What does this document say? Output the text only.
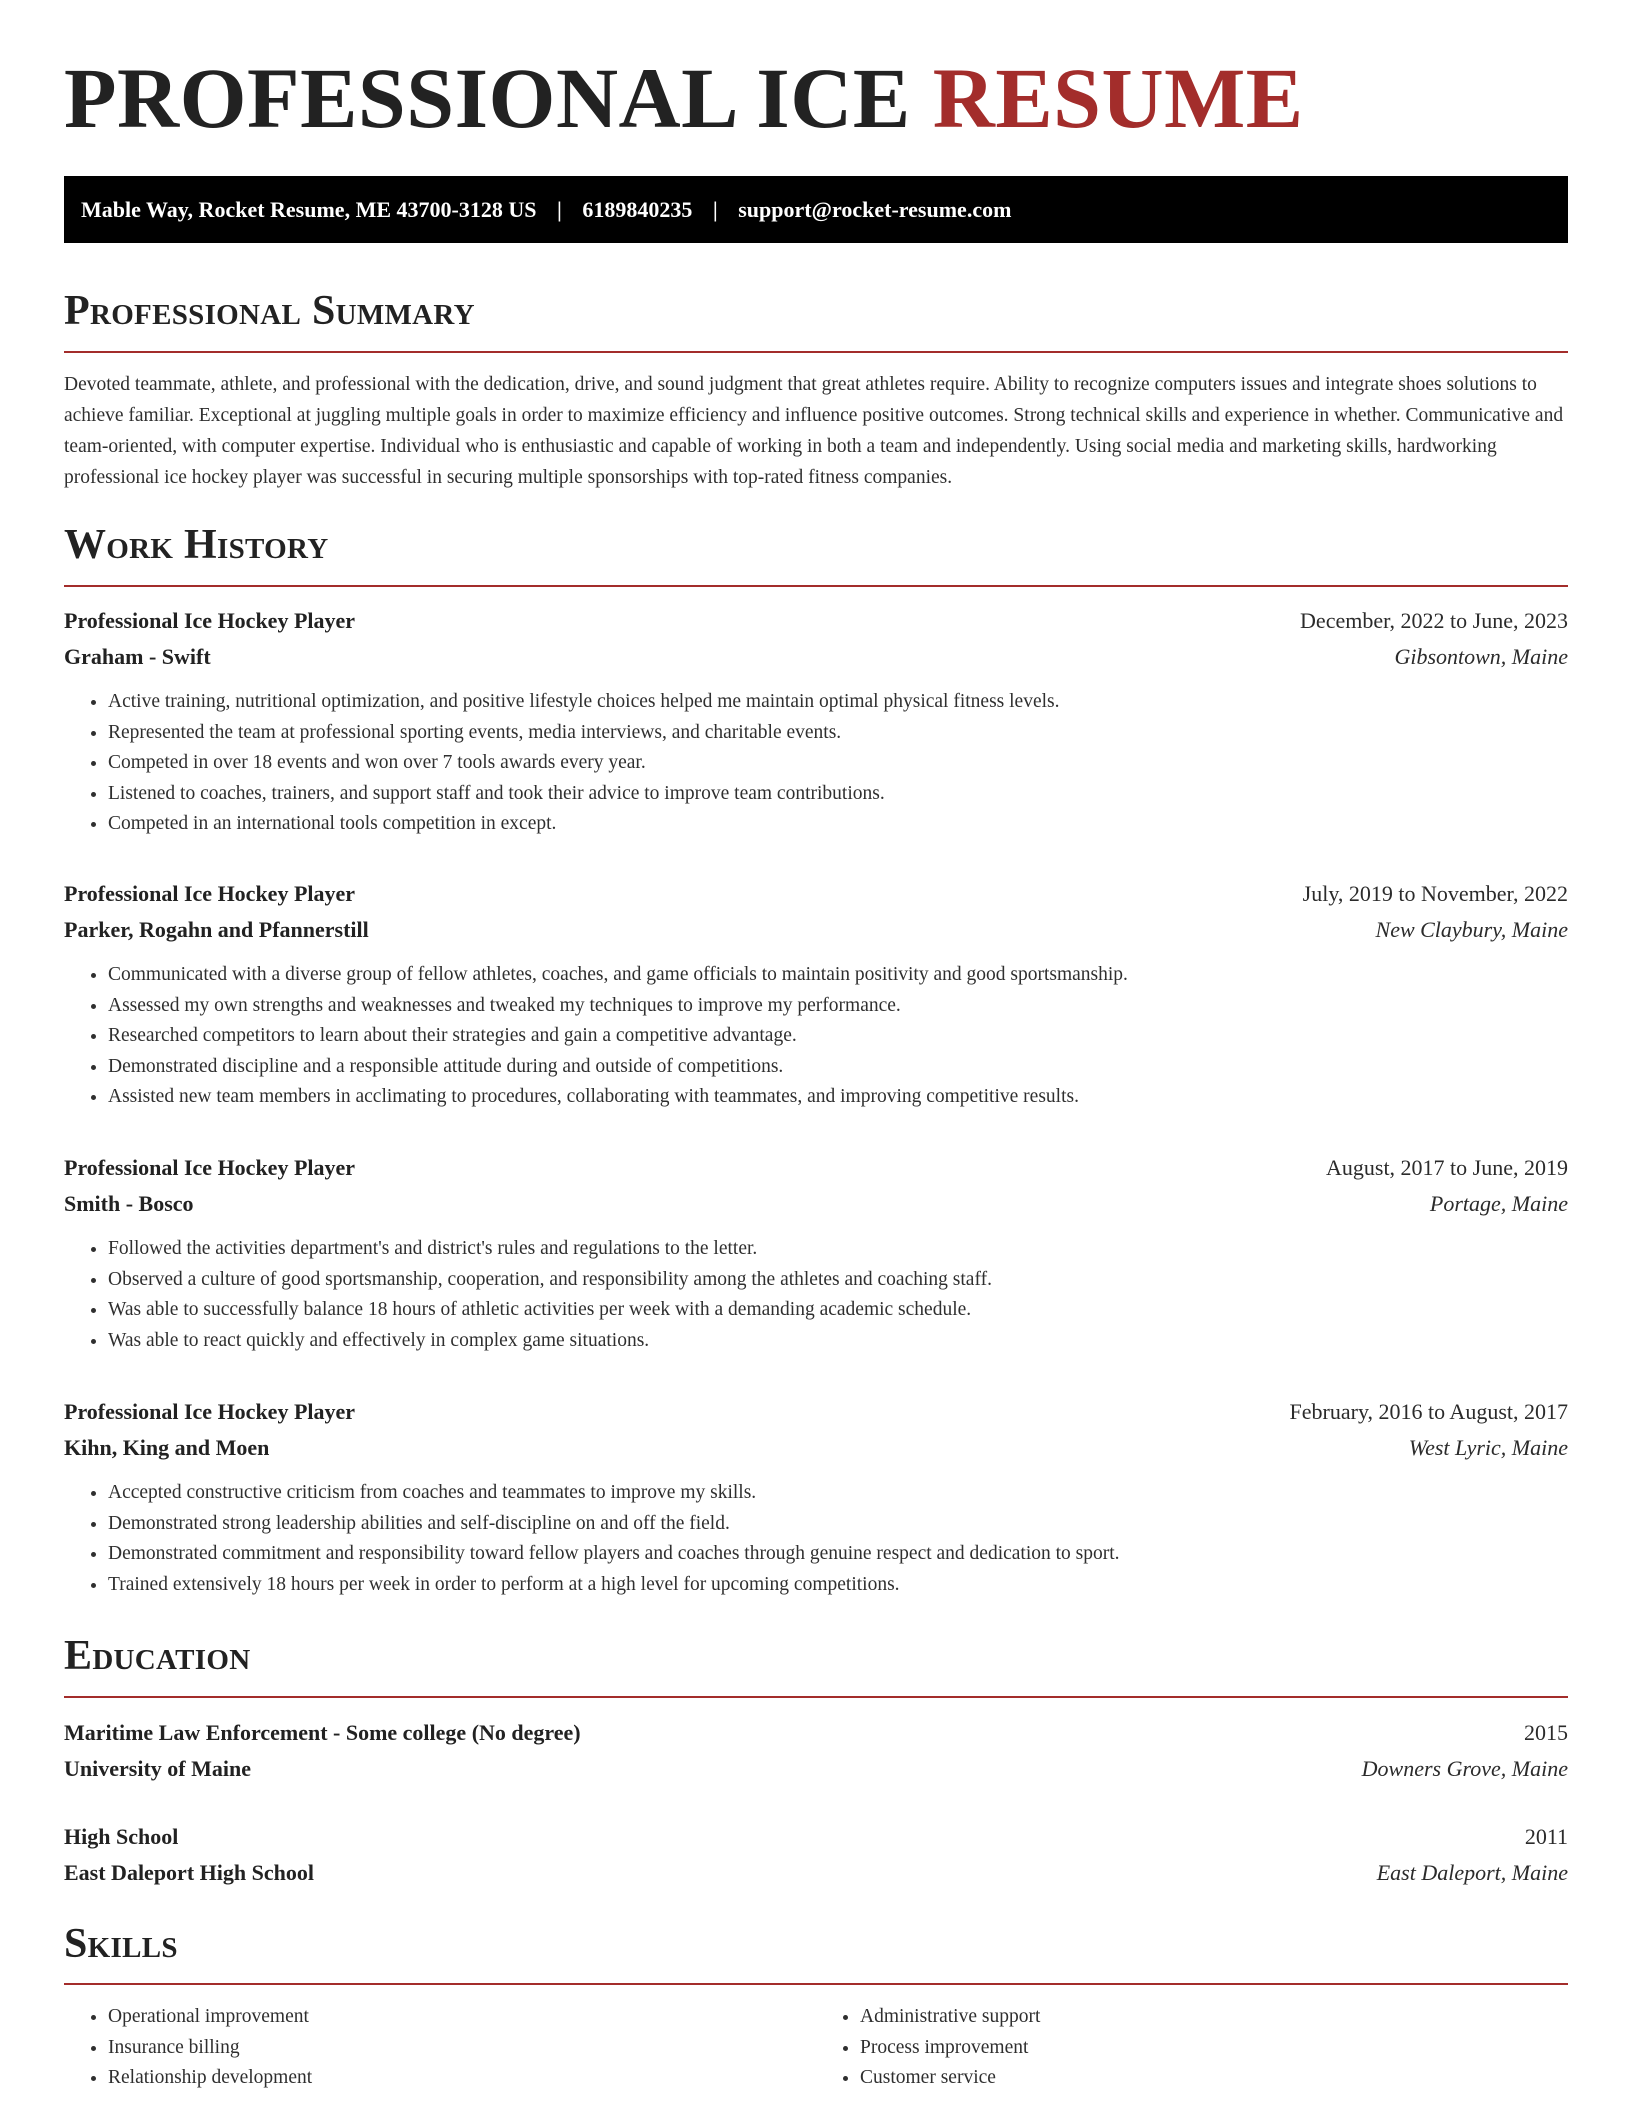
PROFESSIONAL ICE RESUME
Mable Way, Rocket Resume, ME 43700-3128 US | 6189840235 | support@rocket-resume.com
Professional Summary

Devoted teammate, athlete, and professional with the dedication, drive, and sound judgment that great athletes require. Ability to recognize computers issues and integrate shoes solutions to achieve familiar. Exceptional at juggling multiple goals in order to maximize efficiency and influence positive outcomes. Strong technical skills and experience in whether. Communicative and team-oriented, with computer expertise. Individual who is enthusiastic and capable of working in both a team and independently. Using social media and marketing skills, hardworking professional ice hockey player was successful in securing multiple sponsorships with top-rated fitness companies.

Work History
Professional Ice Hockey Player	December, 2022 to June, 2023
Graham - Swift	Gibsontown, Maine
• Active training, nutritional optimization, and positive lifestyle choices helped me maintain optimal physical fitness levels.
• Represented the team at professional sporting events, media interviews, and charitable events.
• Competed in over 18 events and won over 7 tools awards every year.
• Listened to coaches, trainers, and support staff and took their advice to improve team contributions.
• Competed in an international tools competition in except.
Professional Ice Hockey Player	July, 2019 to November, 2022
Parker, Rogahn and Pfannerstill	New Claybury, Maine
• Communicated with a diverse group of fellow athletes, coaches, and game officials to maintain positivity and good sportsmanship.
• Assessed my own strengths and weaknesses and tweaked my techniques to improve my performance.
• Researched competitors to learn about their strategies and gain a competitive advantage.
• Demonstrated discipline and a responsible attitude during and outside of competitions.
• Assisted new team members in acclimating to procedures, collaborating with teammates, and improving competitive results.
Professional Ice Hockey Player	August, 2017 to June, 2019
Smith - Bosco	Portage, Maine
• Followed the activities department's and district's rules and regulations to the letter.
• Observed a culture of good sportsmanship, cooperation, and responsibility among the athletes and coaching staff.
• Was able to successfully balance 18 hours of athletic activities per week with a demanding academic schedule.
• Was able to react quickly and effectively in complex game situations.
Professional Ice Hockey Player	February, 2016 to August, 2017
Kihn, King and Moen	West Lyric, Maine
• Accepted constructive criticism from coaches and teammates to improve my skills.
• Demonstrated strong leadership abilities and self-discipline on and off the field.
• Demonstrated commitment and responsibility toward fellow players and coaches through genuine respect and dedication to sport.
• Trained extensively 18 hours per week in order to perform at a high level for upcoming competitions.
Education
Maritime Law Enforcement - Some college (No degree)	2015
University of Maine	Downers Grove, Maine
High School	2011
East Daleport High School	East Daleport, Maine
Skills
• Operational improvement
• Insurance billing
• Relationship development
• Administrative support
• Process improvement
• Customer service
